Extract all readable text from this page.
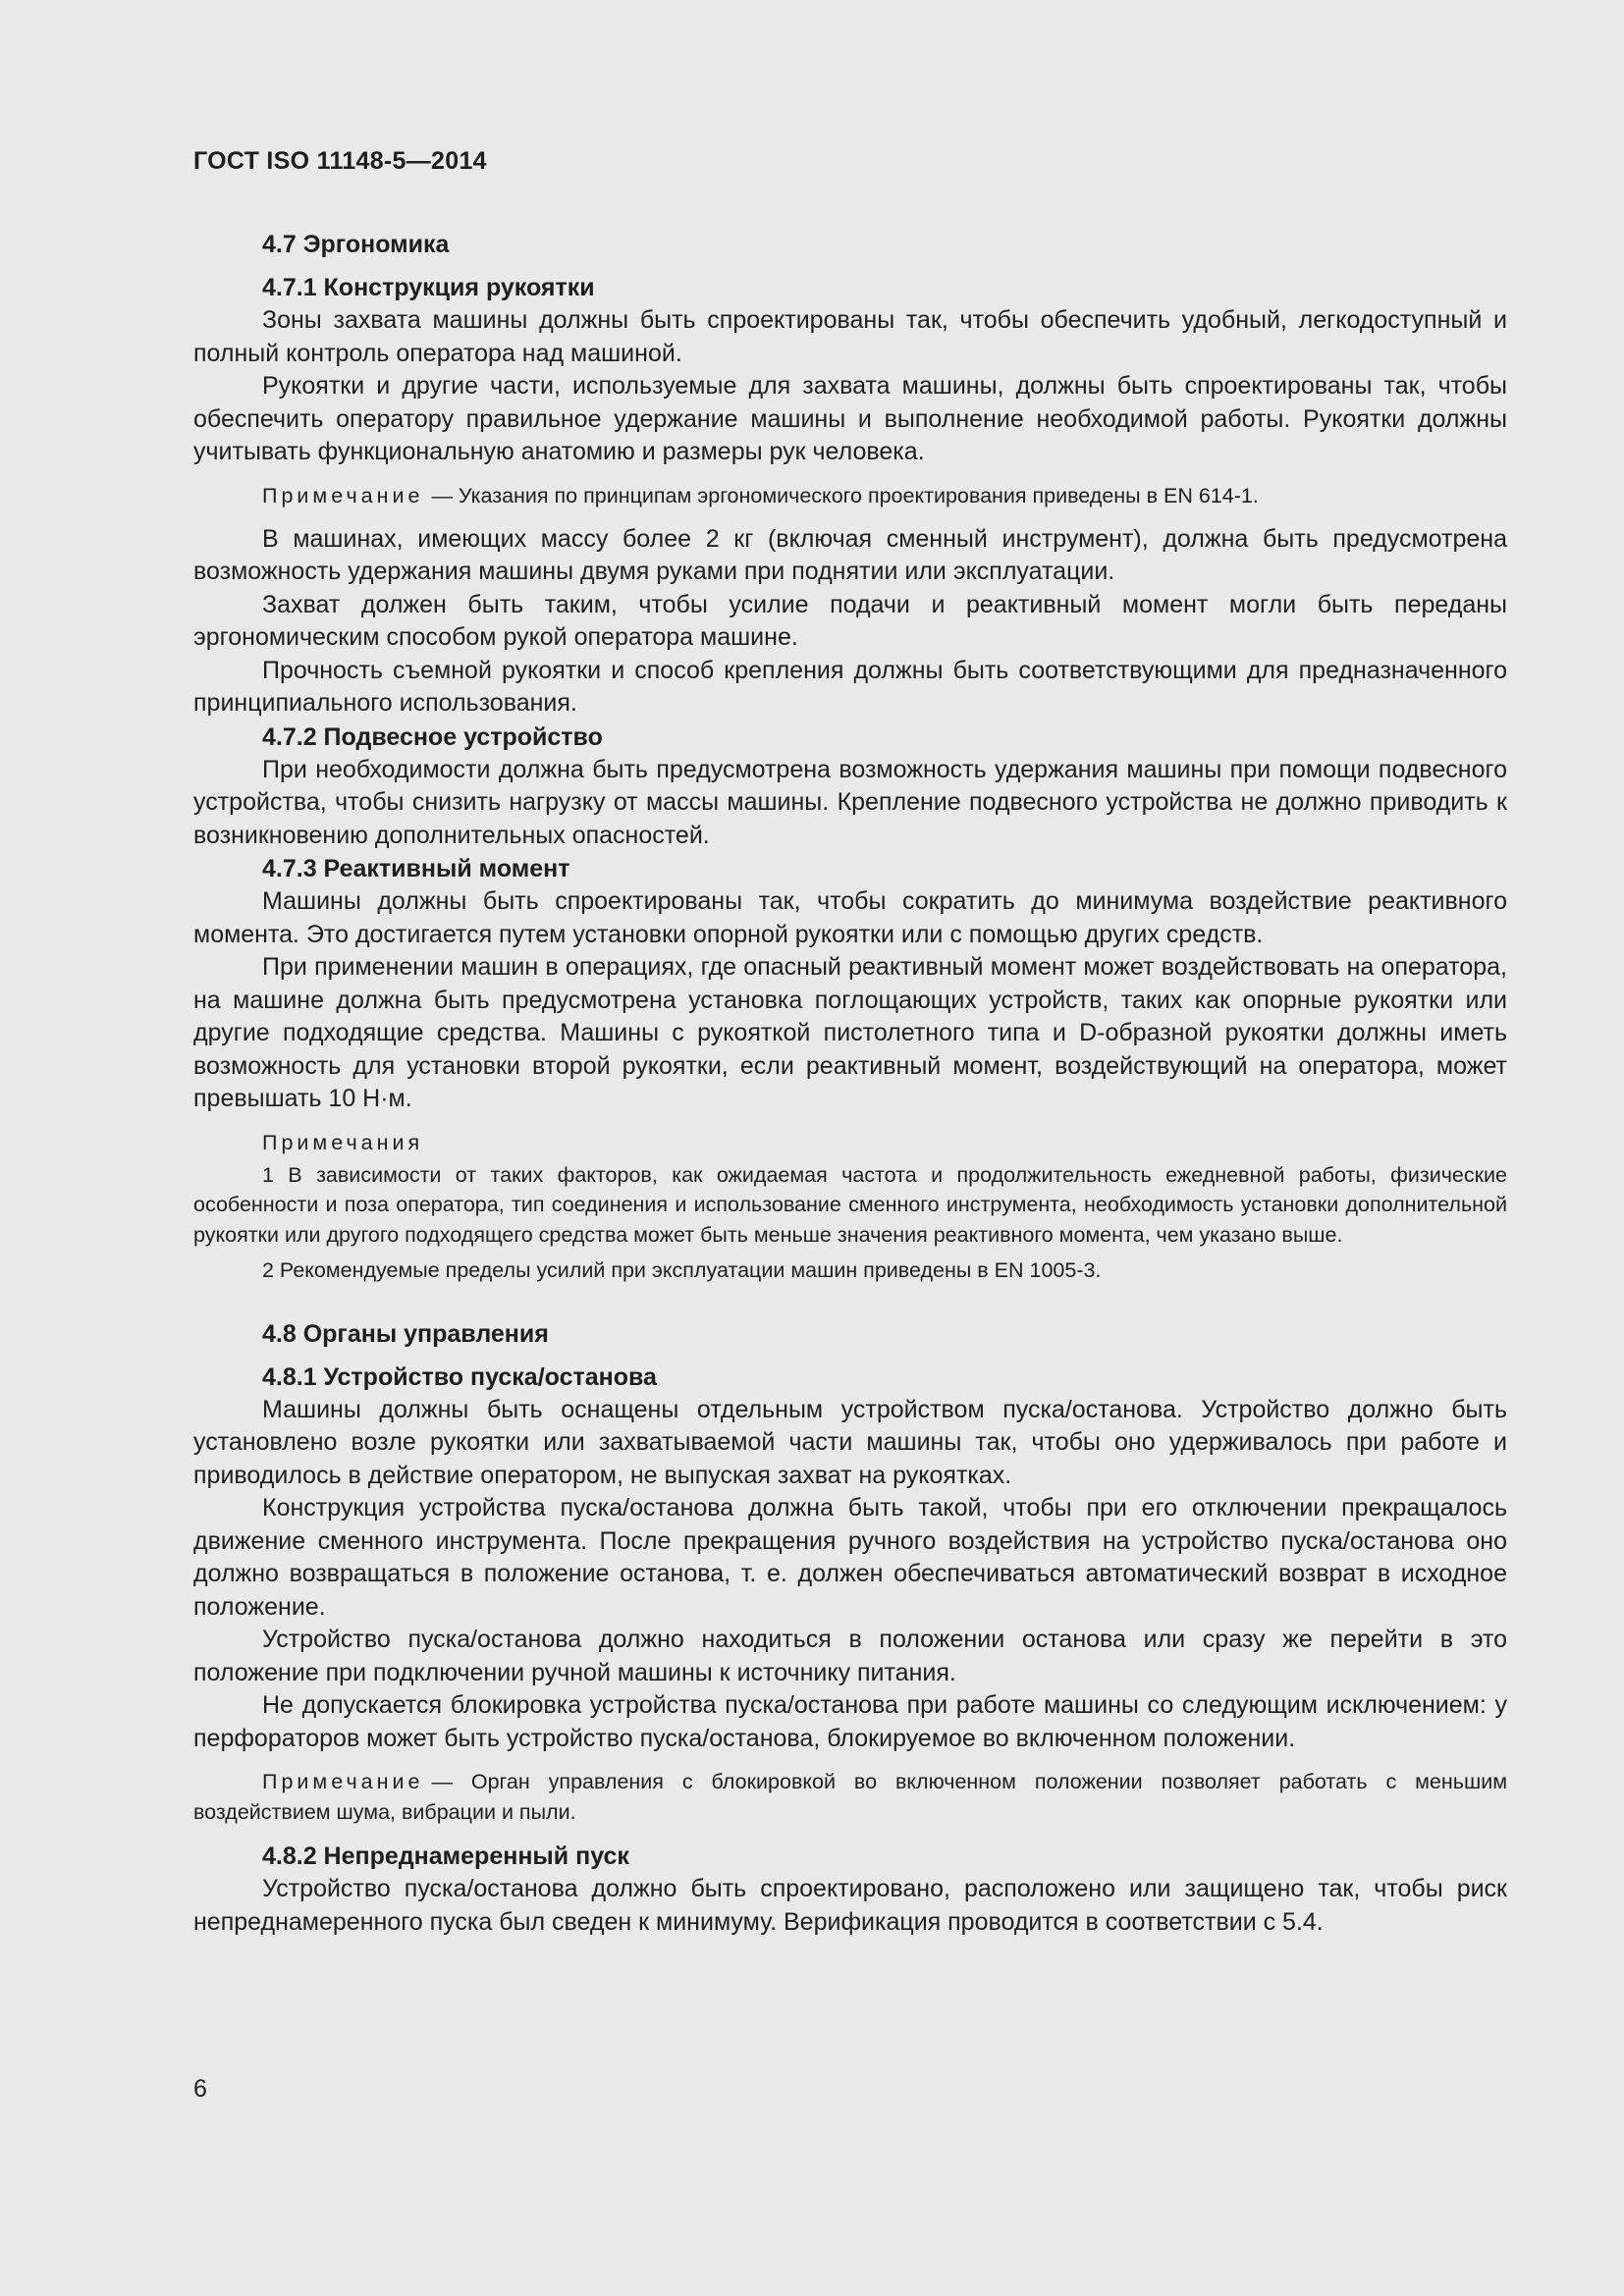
ГОСТ ISO 11148-5—2014
4.7 Эргономика
4.7.1 Конструкция рукоятки

Зоны захвата машины должны быть спроектированы так, чтобы обеспечить удобный, легкодоступный и полный контроль оператора над машиной.

Рукоятки и другие части, используемые для захвата машины, должны быть спроектированы так, чтобы обеспечить оператору правильное удержание машины и выполнение необходимой работы. Рукоятки должны учитывать функциональную анатомию и размеры рук человека.

Примечание — Указания по принципам эргономического проектирования приведены в EN 614-1.

В машинах, имеющих массу более 2 кг (включая сменный инструмент), должна быть предусмотрена возможность удержания машины двумя руками при поднятии или эксплуатации.

Захват должен быть таким, чтобы усилие подачи и реактивный момент могли быть переданы эргономическим способом рукой оператора машине.

Прочность съемной рукоятки и способ крепления должны быть соответствующими для предназначенного принципиального использования.

4.7.2 Подвесное устройство

При необходимости должна быть предусмотрена возможность удержания машины при помощи подвесного устройства, чтобы снизить нагрузку от массы машины. Крепление подвесного устройства не должно приводить к возникновению дополнительных опасностей.

4.7.3 Реактивный момент

Машины должны быть спроектированы так, чтобы сократить до минимума воздействие реактивного момента. Это достигается путем установки опорной рукоятки или с помощью других средств.

При применении машин в операциях, где опасный реактивный момент может воздействовать на оператора, на машине должна быть предусмотрена установка поглощающих устройств, таких как опорные рукоятки или другие подходящие средства. Машины с рукояткой пистолетного типа и D-образной рукоятки должны иметь возможность для установки второй рукоятки, если реактивный момент, воздействующий на оператора, может превышать 10 Н·м.

Примечания

1 В зависимости от таких факторов, как ожидаемая частота и продолжительность ежедневной работы, физические особенности и поза оператора, тип соединения и использование сменного инструмента, необходимость установки дополнительной рукоятки или другого подходящего средства может быть меньше значения реактивного момента, чем указано выше.

2 Рекомендуемые пределы усилий при эксплуатации машин приведены в EN 1005-3.

4.8 Органы управления
4.8.1 Устройство пуска/останова

Машины должны быть оснащены отдельным устройством пуска/останова. Устройство должно быть установлено возле рукоятки или захватываемой части машины так, чтобы оно удерживалось при работе и приводилось в действие оператором, не выпуская захват на рукоятках.

Конструкция устройства пуска/останова должна быть такой, чтобы при его отключении прекращалось движение сменного инструмента. После прекращения ручного воздействия на устройство пуска/останова оно должно возвращаться в положение останова, т. е. должен обеспечиваться автоматический возврат в исходное положение.

Устройство пуска/останова должно находиться в положении останова или сразу же перейти в это положение при подключении ручной машины к источнику питания.

Не допускается блокировка устройства пуска/останова при работе машины со следующим исключением: у перфораторов может быть устройство пуска/останова, блокируемое во включенном положении.

Примечание — Орган управления с блокировкой во включенном положении позволяет работать с меньшим воздействием шума, вибрации и пыли.

4.8.2 Непреднамеренный пуск

Устройство пуска/останова должно быть спроектировано, расположено или защищено так, чтобы риск непреднамеренного пуска был сведен к минимуму. Верификация проводится в соответствии с 5.4.

6
